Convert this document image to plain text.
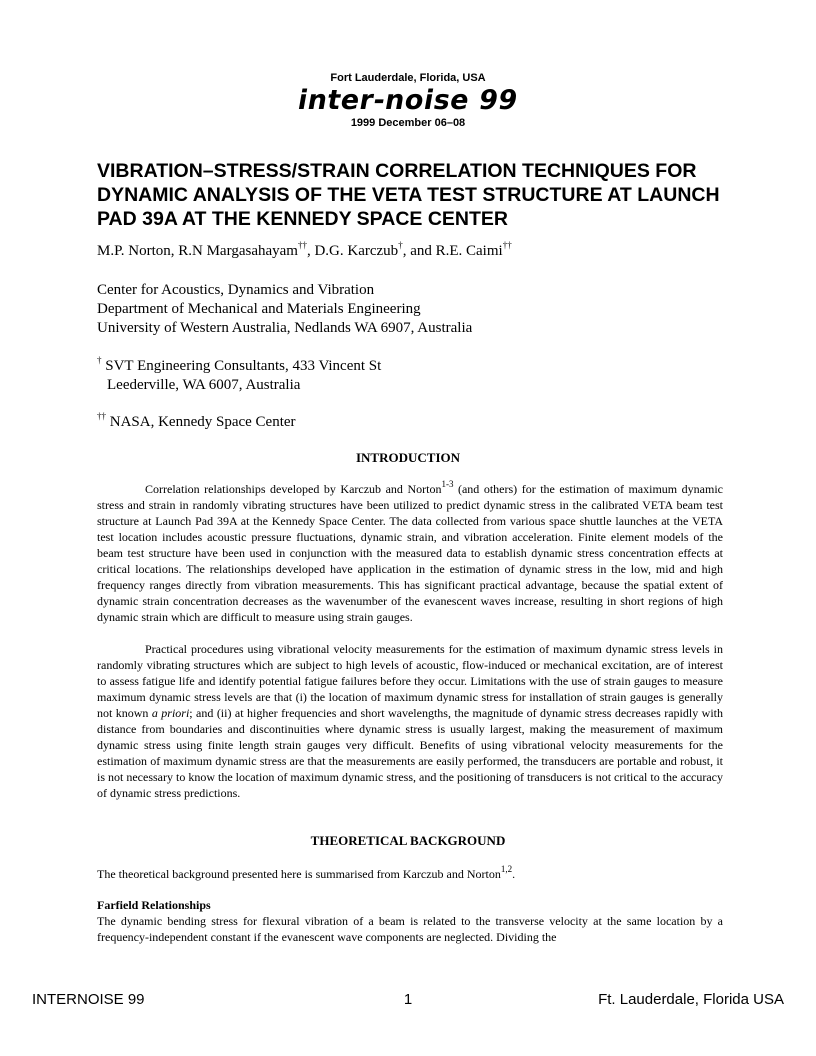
Fort Lauderdale, Florida, USA
inter-noise 99
1999 December 06–08
VIBRATION–STRESS/STRAIN CORRELATION TECHNIQUES FOR DYNAMIC ANALYSIS OF THE VETA TEST STRUCTURE AT LAUNCH PAD 39A AT THE KENNEDY SPACE CENTER
M.P. Norton, R.N Margasahayam††, D.G. Karczub†, and R.E. Caimi††
Center for Acoustics, Dynamics and Vibration
Department of Mechanical and Materials Engineering
University of Western Australia, Nedlands WA 6907, Australia
† SVT Engineering Consultants, 433 Vincent St
Leederville, WA 6007, Australia
†† NASA, Kennedy Space Center
INTRODUCTION

Correlation relationships developed by Karczub and Norton$^{1-3}$ (and others) for the estimation of maximum dynamic stress and strain in randomly vibrating structures have been utilized to predict dynamic stress in the calibrated VETA beam test structure at Launch Pad 39A at the Kennedy Space Center. The data collected from various space shuttle launches at the VETA test location includes acoustic pressure fluctuations, dynamic strain, and vibration acceleration. Finite element models of the beam test structure have been used in conjunction with the measured data to establish dynamic stress concentration effects at critical locations. The relationships developed have application in the estimation of dynamic stress in the low, mid and high frequency ranges directly from vibration measurements. This has significant practical advantage, because the spatial extent of dynamic strain concentration decreases as the wavenumber of the evanescent waves increase, resulting in short regions of high dynamic strain which are difficult to measure using strain gauges.

Practical procedures using vibrational velocity measurements for the estimation of maximum dynamic stress levels in randomly vibrating structures which are subject to high levels of acoustic, flow-induced or mechanical excitation, are of interest to assess fatigue life and identify potential fatigue failures before they occur. Limitations with the use of strain gauges to measure maximum dynamic stress levels are that (i) the location of maximum dynamic stress for installation of strain gauges is generally not known a priori; and (ii) at higher frequencies and short wavelengths, the magnitude of dynamic stress decreases rapidly with distance from boundaries and discontinuities where dynamic stress is usually largest, making the measurement of maximum dynamic stress using finite length strain gauges very difficult. Benefits of using vibrational velocity measurements for the estimation of maximum dynamic stress are that the measurements are easily performed, the transducers are portable and robust, it is not necessary to know the location of maximum dynamic stress, and the positioning of transducers is not critical to the accuracy of dynamic stress predictions.

THEORETICAL BACKGROUND

The theoretical background presented here is summarised from Karczub and Norton$^{1,2}$.

Farfield Relationships

The dynamic bending stress for flexural vibration of a beam is related to the transverse velocity at the same location by a frequency-independent constant if the evanescent wave components are neglected. Dividing the

INTERNOISE 99	1	Ft. Lauderdale, Florida USA
